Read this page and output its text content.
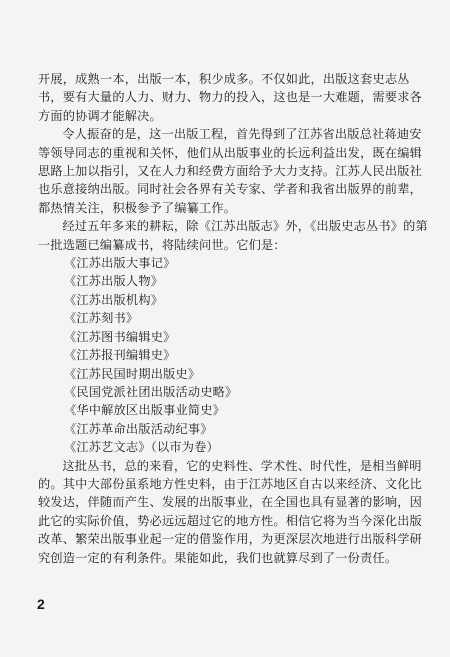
开展，成熟一本，出版一本，积少成多。不仅如此，出版这套史志丛书，要有大量的人力、财力、物力的投入，这也是一大难题，需要求各方面的协调才能解决。

令人振奋的是，这一出版工程，首先得到了江苏省出版总社蒋迪安等领导同志的重视和关怀，他们从出版事业的长远利益出发，既在编辑思路上加以指引，又在人力和经费方面给予大力支持。江苏人民出版社也乐意接纳出版。同时社会各界有关专家、学者和我省出版界的前辈，都热情关注，积极参予了编纂工作。

经过五年多来的耕耘，除《江苏出版志》外，《出版史志丛书》的第一批选题已编纂成书，将陆续问世。它们是：

《江苏出版大事记》
《江苏出版人物》
《江苏出版机构》
《江苏刻书》
《江苏图书编辑史》
《江苏报刊编辑史》
《江苏民国时期出版史》
《民国党派社团出版活动史略》
《华中解放区出版事业简史》
《江苏革命出版活动纪事》
《江苏艺文志》（以市为卷）

这批丛书，总的来看，它的史料性、学术性、时代性，是相当鲜明的。其中大部份虽系地方性史料，由于江苏地区自古以来经济、文化比较发达，伴随而产生、发展的出版事业，在全国也具有显著的影响，因此它的实际价值，势必远远超过它的地方性。相信它将为当今深化出版改革、繁荣出版事业起一定的借鉴作用，为更深层次地进行出版科学研究创造一定的有利条件。果能如此，我们也就算尽到了一份责任。

2
